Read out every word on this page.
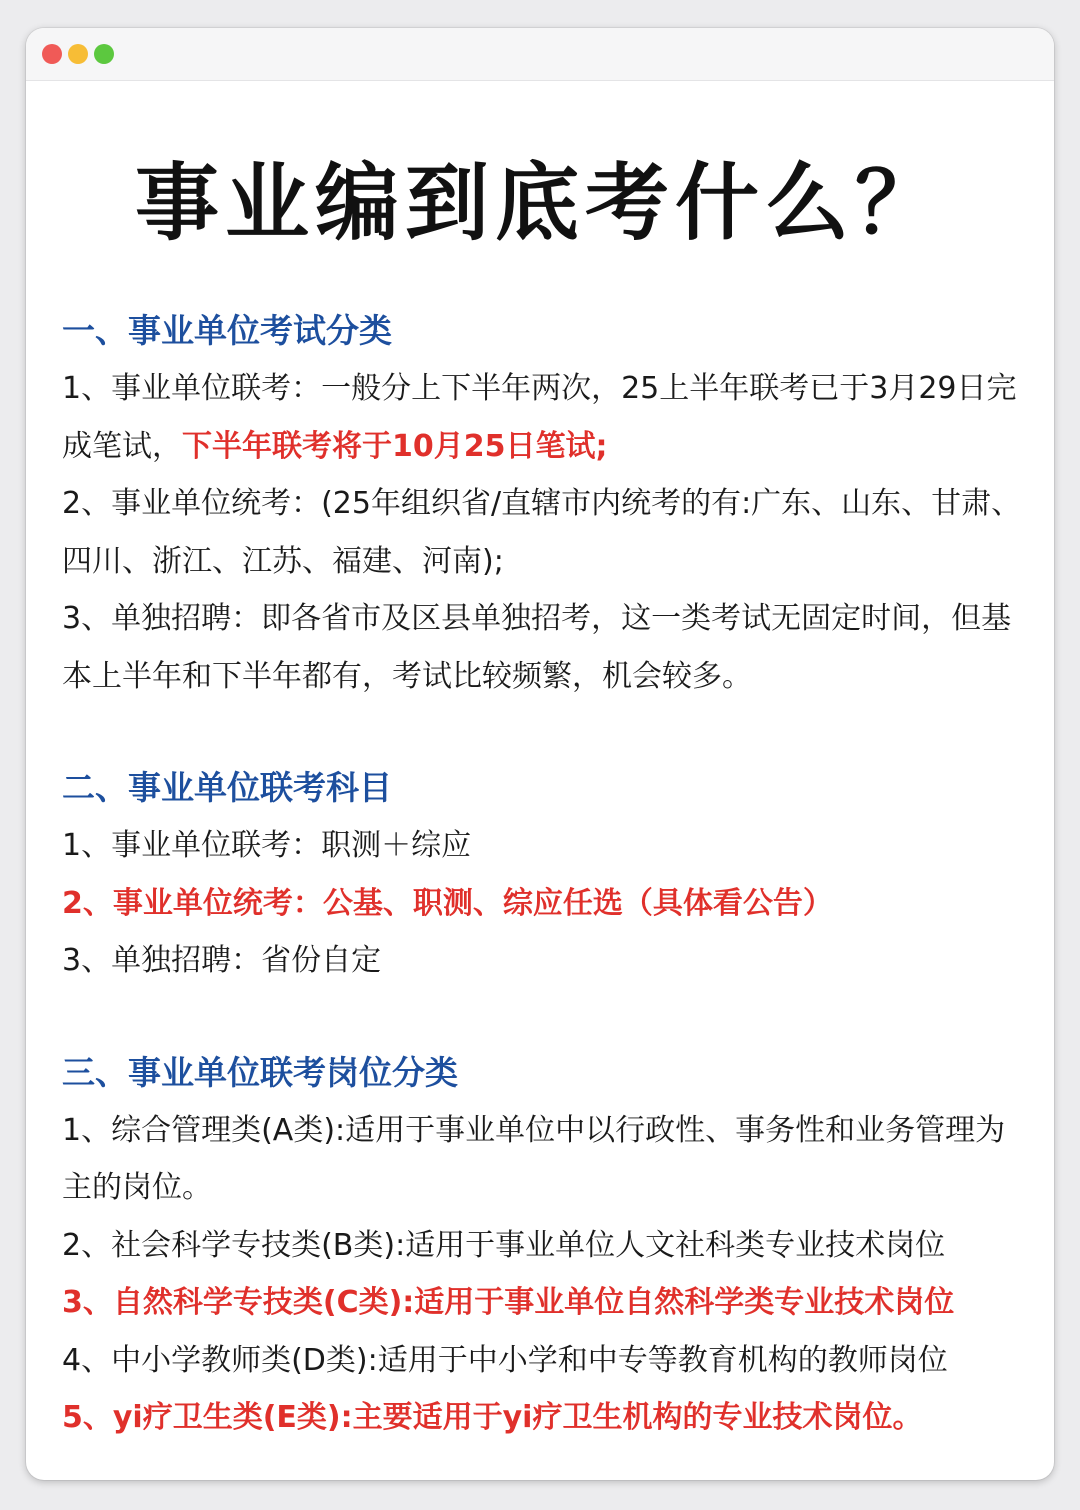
事业编到底考什么？
一、事业单位考试分类
1、事业单位联考：一般分上下半年两次，25上半年联考已于3月29日完成笔试，下半年联考将于10月25日笔试;
2、事业单位统考：(25年组织省/直辖市内统考的有:广东、山东、甘肃、四川、浙江、江苏、福建、河南);
3、单独招聘：即各省市及区县单独招考，这一类考试无固定时间，但基本上半年和下半年都有，考试比较频繁，机会较多。
二、事业单位联考科目
1、事业单位联考：职测＋综应
2、事业单位统考：公基、职测、综应任选（具体看公告）
3、单独招聘：省份自定
三、事业单位联考岗位分类
1、综合管理类(A类):适用于事业单位中以行政性、事务性和业务管理为主的岗位。
2、社会科学专技类(B类):适用于事业单位人文社科类专业技术岗位
3、自然科学专技类(C类):适用于事业单位自然科学类专业技术岗位
4、中小学教师类(D类):适用于中小学和中专等教育机构的教师岗位
5、yi疗卫生类(E类):主要适用于yi疗卫生机构的专业技术岗位。
